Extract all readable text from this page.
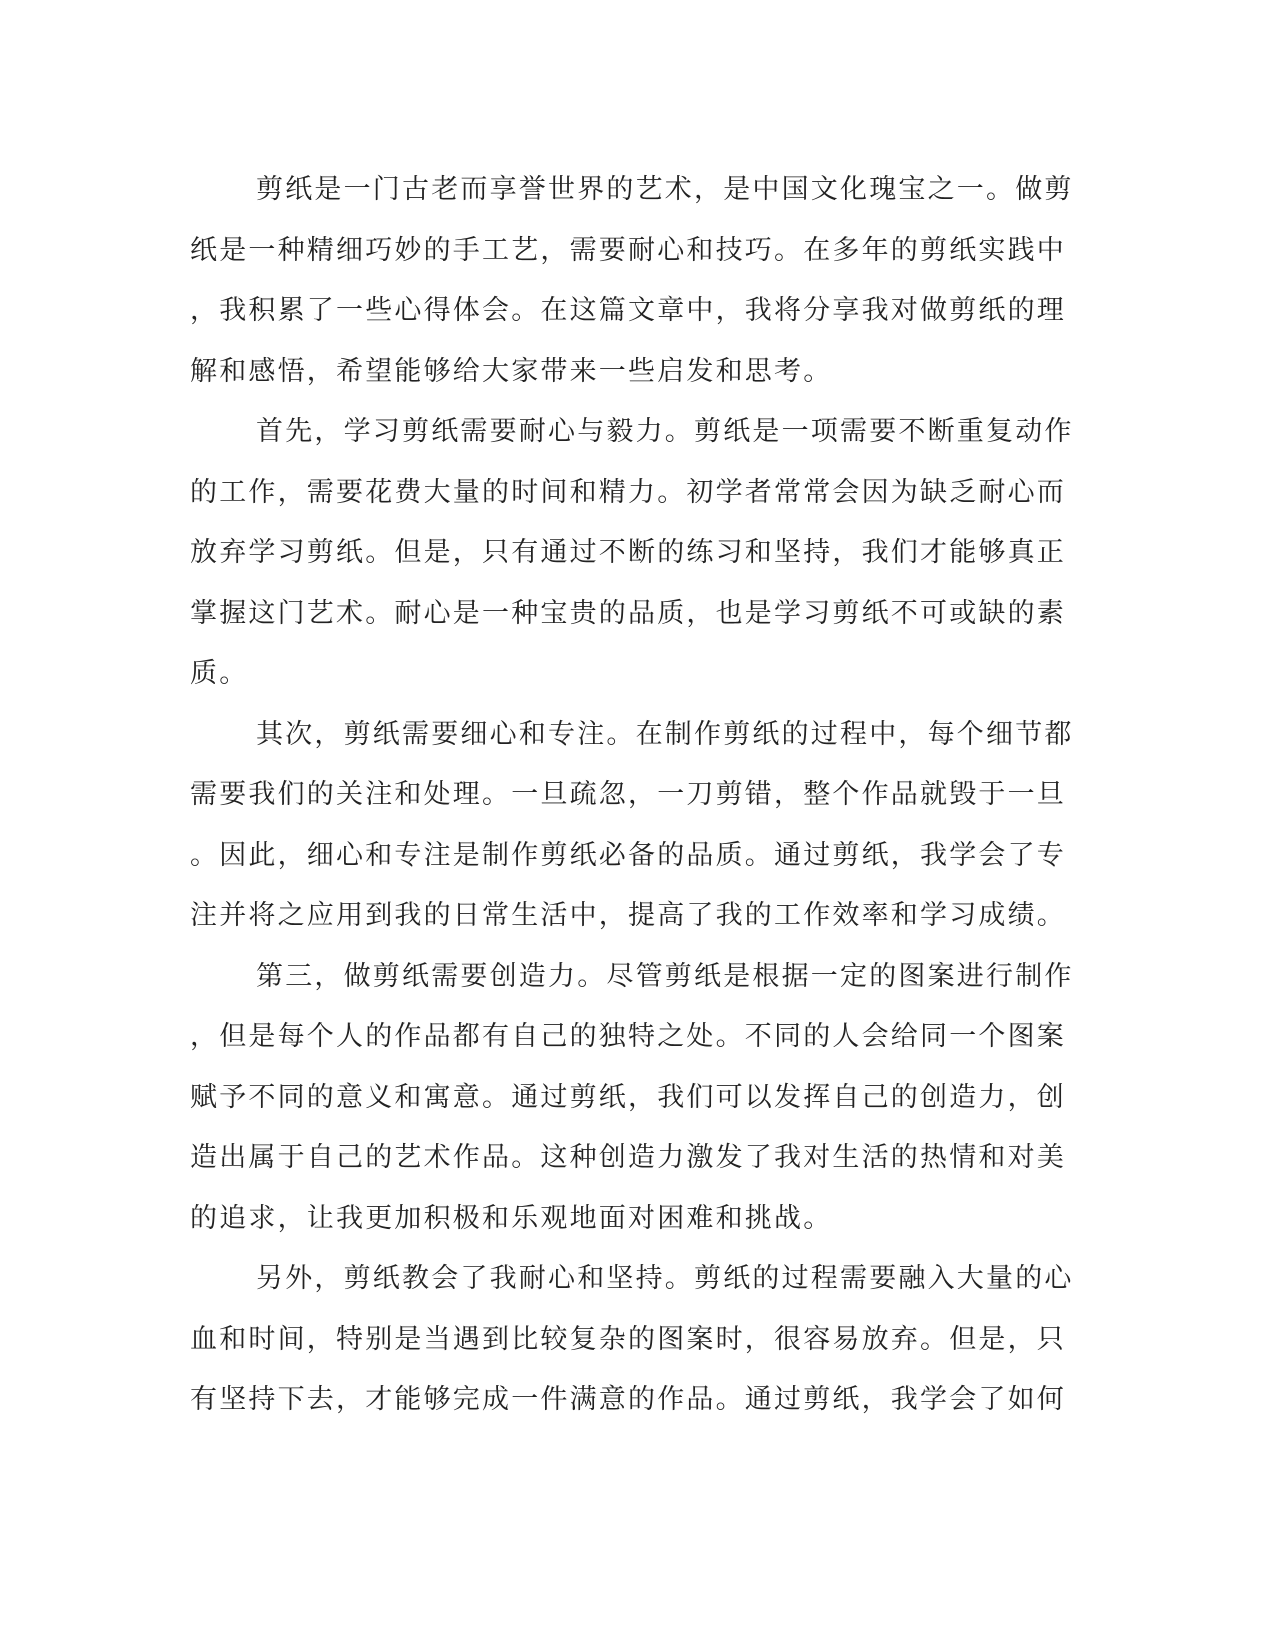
剪纸是一门古老而享誉世界的艺术，是中国文化瑰宝之一。做剪
纸是一种精细巧妙的手工艺，需要耐心和技巧。在多年的剪纸实践中
，我积累了一些心得体会。在这篇文章中，我将分享我对做剪纸的理
解和感悟，希望能够给大家带来一些启发和思考。
首先，学习剪纸需要耐心与毅力。剪纸是一项需要不断重复动作
的工作，需要花费大量的时间和精力。初学者常常会因为缺乏耐心而
放弃学习剪纸。但是，只有通过不断的练习和坚持，我们才能够真正
掌握这门艺术。耐心是一种宝贵的品质，也是学习剪纸不可或缺的素
质。
其次，剪纸需要细心和专注。在制作剪纸的过程中，每个细节都
需要我们的关注和处理。一旦疏忽，一刀剪错，整个作品就毁于一旦
。因此，细心和专注是制作剪纸必备的品质。通过剪纸，我学会了专
注并将之应用到我的日常生活中，提高了我的工作效率和学习成绩。
第三，做剪纸需要创造力。尽管剪纸是根据一定的图案进行制作
，但是每个人的作品都有自己的独特之处。不同的人会给同一个图案
赋予不同的意义和寓意。通过剪纸，我们可以发挥自己的创造力，创
造出属于自己的艺术作品。这种创造力激发了我对生活的热情和对美
的追求，让我更加积极和乐观地面对困难和挑战。
另外，剪纸教会了我耐心和坚持。剪纸的过程需要融入大量的心
血和时间，特别是当遇到比较复杂的图案时，很容易放弃。但是，只
有坚持下去，才能够完成一件满意的作品。通过剪纸，我学会了如何
